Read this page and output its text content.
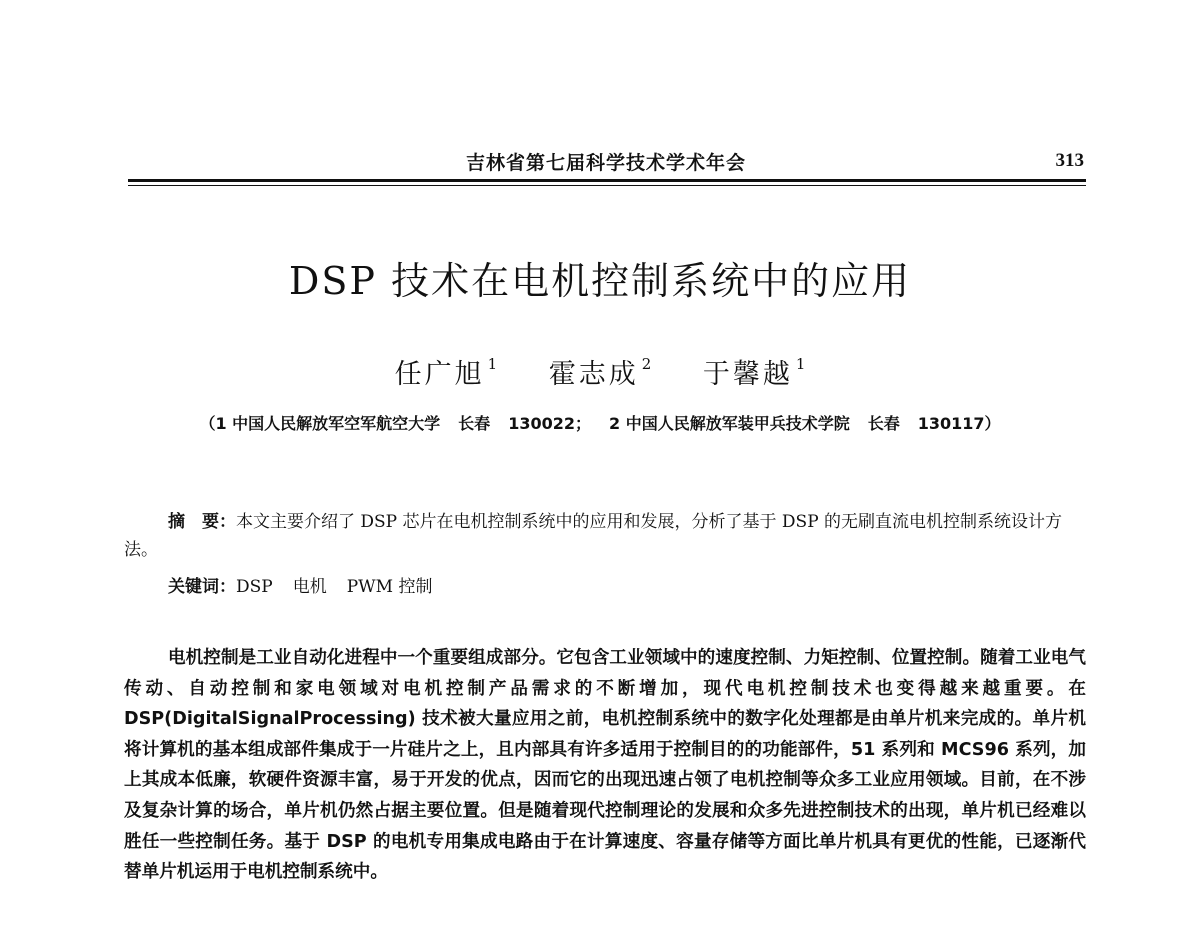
吉林省第七届科学技术学术年会	313
DSP 技术在电机控制系统中的应用
任广旭 $^1$ 霍志成 $^2$ 于馨越 $^1$
（1 中国人民解放军空军航空大学 长春 130022； 2 中国人民解放军装甲兵技术学院 长春 130117）

摘　要：本文主要介绍了 DSP 芯片在电机控制系统中的应用和发展，分析了基于 DSP 的无刷直流电机控制系统设计方法。

关键词：DSP 电机 PWM 控制

电机控制是工业自动化进程中一个重要组成部分。它包含工业领域中的速度控制、力矩控制、位置控制。随着工业电气传动、自动控制和家电领域对电机控制产品需求的不断增加，现代电机控制技术也变得越来越重要。在 DSP(DigitalSignalProcessing) 技术被大量应用之前，电机控制系统中的数字化处理都是由单片机来完成的。单片机将计算机的基本组成部件集成于一片硅片之上，且内部具有许多适用于控制目的的功能部件，51 系列和 MCS96 系列，加上其成本低廉，软硬件资源丰富，易于开发的优点，因而它的出现迅速占领了电机控制等众多工业应用领域。目前，在不涉及复杂计算的场合，单片机仍然占据主要位置。但是随着现代控制理论的发展和众多先进控制技术的出现，单片机已经难以胜任一些控制任务。基于 DSP 的电机专用集成电路由于在计算速度、容量存储等方面比单片机具有更优的性能，已逐渐代替单片机运用于电机控制系统中。
